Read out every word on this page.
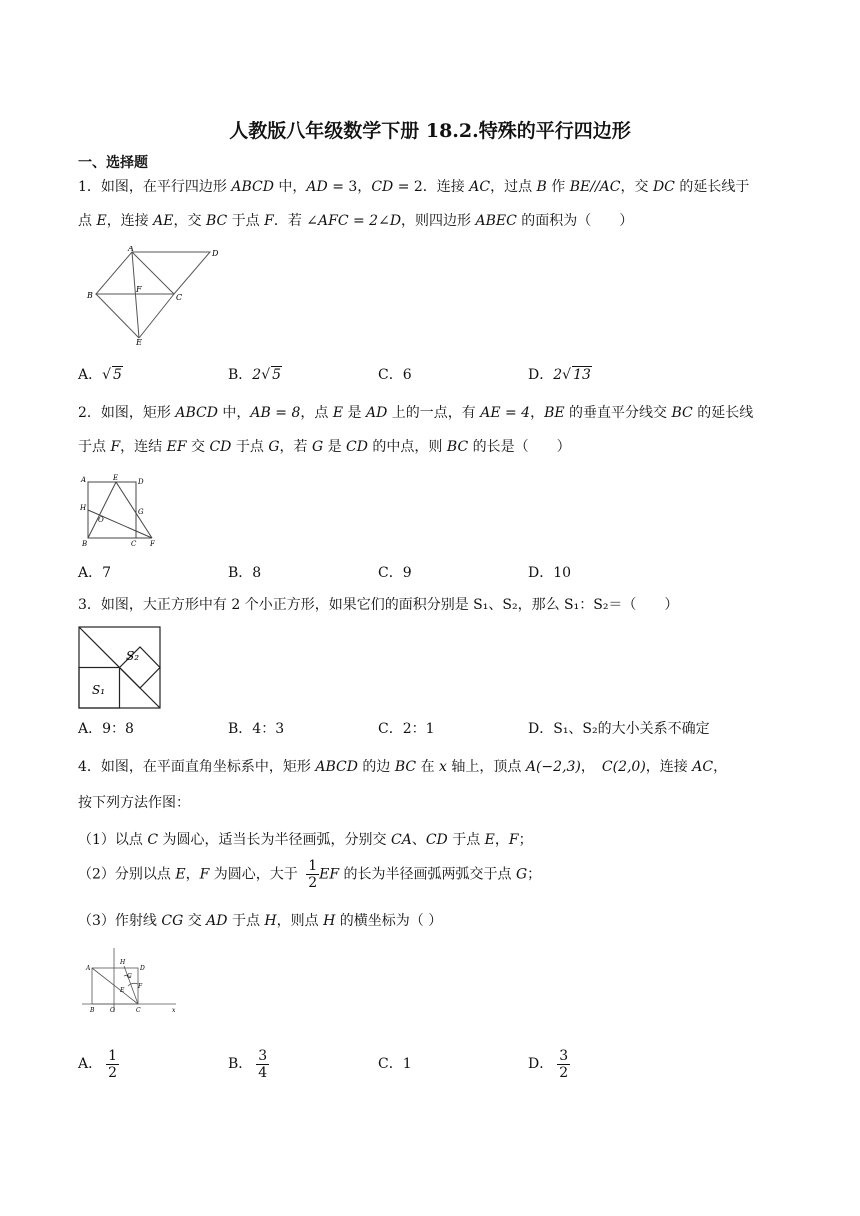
人教版八年级数学下册 18.2.特殊的平行四边形
一、选择题
1．如图，在平行四边形 ABCD 中，AD = 3，CD = 2．连接 AC，过点 B 作 BE//AC，交 DC 的延长线于
点 E，连接 AE，交 BC 于点 F．若 ∠AFC = 2∠D，则四边形 ABEC 的面积为（　　）
A
D
B
F
C
E
A．√ 5	B．2√ 5	C．6	D．2√ 13
2．如图，矩形 ABCD 中，AB = 8，点 E 是 AD 上的一点，有 AE = 4，BE 的垂直平分线交 BC 的延长线
于点 F，连结 EF 交 CD 于点 G，若 G 是 CD 的中点，则 BC 的长是（　　）
A	E	D
H
O
G
B	C F
A．7	B．8	C．9	D．10
3．如图，大正方形中有 2 个小正方形，如果它们的面积分别是 S₁、S₂，那么 S₁：S₂＝（　　）
S₂
S₁
A．9：8	B．4：3	C．2：1	D．S₁、S₂的大小关系不确定
4．如图，在平面直角坐标系中，矩形 ABCD 的边 BC 在 x 轴上，顶点 A(−2,3)，　C(2,0)，连接 AC，
按下列方法作图：
（1）以点 C 为圆心，适当长为半径画弧，分别交 CA、CD 于点 E，F；
（2）分别以点 E，F 为圆心，大于 $\frac{1}{2}$ EF 的长为半径画弧两弧交于点 G；
（3）作射线 CG 交 AD 于点 H，则点 H 的横坐标为（ ）
A
H
D
G
F
E
B	O	C	x
A． $\frac{1}{2}$	B． $\frac{3}{4}$	C．1	D． $\frac{3}{2}$
